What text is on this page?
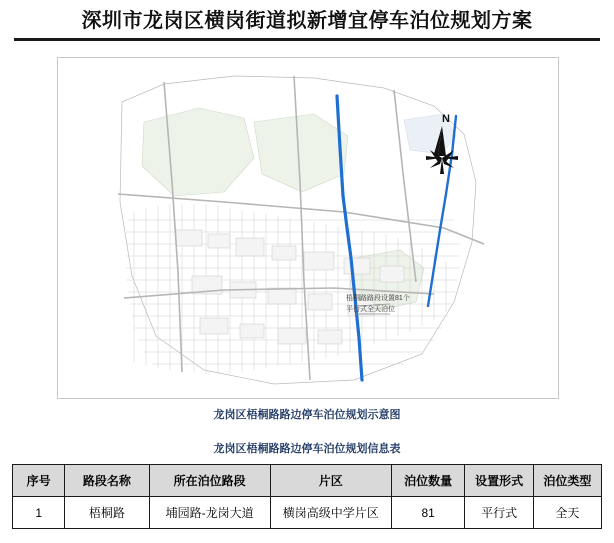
深圳市龙岗区横岗街道拟新增宜停车泊位规划方案
N
梧桐路路段设置81个
平行式全天泊位
龙岗区梧桐路路边停车泊位规划示意图
龙岗区梧桐路路边停车泊位规划信息表
序号	路段名称	所在泊位路段	片区	泊位数量	设置形式	泊位类型
1	梧桐路	埔园路-龙岗大道	横岗高级中学片区	81	平行式	全天
